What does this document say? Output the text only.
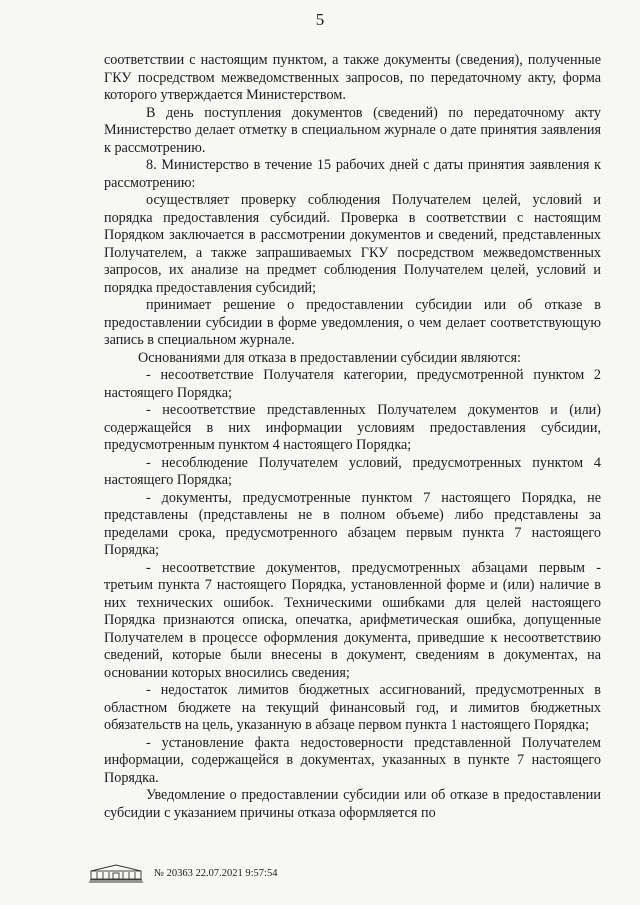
5

соответствии с настоящим пунктом, а также документы (сведения), полученные ГКУ посредством межведомственных запросов, по передаточному акту, форма которого утверждается Министерством.

В день поступления документов (сведений) по передаточному акту Министерство делает отметку в специальном журнале о дате принятия заявления к рассмотрению.

8. Министерство в течение 15 рабочих дней с даты принятия заявления к рассмотрению:

осуществляет проверку соблюдения Получателем целей, условий и порядка предоставления субсидий. Проверка в соответствии с настоящим Порядком заключается в рассмотрении документов и сведений, представленных Получателем, а также запрашиваемых ГКУ посредством межведомственных запросов, их анализе на предмет соблюдения Получателем целей, условий и порядка предоставления субсидий;

принимает решение о предоставлении субсидии или об отказе в предоставлении субсидии в форме уведомления, о чем делает соответствующую запись в специальном журнале.

Основаниями для отказа в предоставлении субсидии являются:

- несоответствие Получателя категории, предусмотренной пунктом 2 настоящего Порядка;

- несоответствие представленных Получателем документов и (или) содержащейся в них информации условиям предоставления субсидии, предусмотренным пунктом 4 настоящего Порядка;

- несоблюдение Получателем условий, предусмотренных пунктом 4 настоящего Порядка;

- документы, предусмотренные пунктом 7 настоящего Порядка, не представлены (представлены не в полном объеме) либо представлены за пределами срока, предусмотренного абзацем первым пункта 7 настоящего Порядка;

- несоответствие документов, предусмотренных абзацами первым - третьим пункта 7 настоящего Порядка, установленной форме и (или) наличие в них технических ошибок. Техническими ошибками для целей настоящего Порядка признаются описка, опечатка, арифметическая ошибка, допущенные Получателем в процессе оформления документа, приведшие к несоответствию сведений, которые были внесены в документ, сведениям в документах, на основании которых вносились сведения;

- недостаток лимитов бюджетных ассигнований, предусмотренных в областном бюджете на текущий финансовый год, и лимитов бюджетных обязательств на цель, указанную в абзаце первом пункта 1 настоящего Порядка;

- установление факта недостоверности представленной Получателем информации, содержащейся в документах, указанных в пункте 7 настоящего Порядка.

Уведомление о предоставлении субсидии или об отказе в предоставлении субсидии с указанием причины отказа оформляется по

№ 20363 22.07.2021 9:57:54
